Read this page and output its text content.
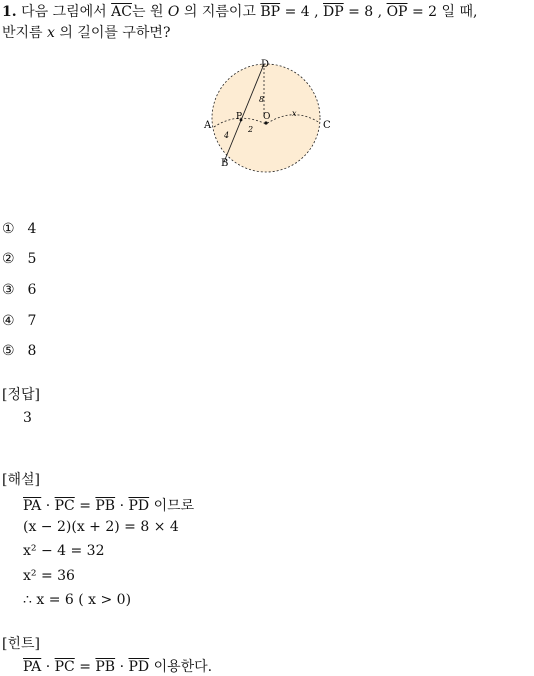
1. 다음 그림에서 $\overline{AC}$는 원 O 의 지름이고 $\overline{BP} = 4$ , $\overline{DP} = 8$ , $\overline{OP} = 2$ 일 때,
반지름 x 의 길이를 구하면?
D
A	C
B
P O
8
4
2
x
① 4
② 5
③ 6
④ 7
⑤ 8
[정답]
3
[해설]
$\overline{PA} \cdot \overline{PC} = \overline{PB} \cdot \overline{PD}$ 이므로
(x − 2)(x + 2) = 8 × 4
x² − 4 = 32
x² = 36
∴ x = 6 ( x > 0)
[힌트]
$\overline{PA} \cdot \overline{PC} = \overline{PB} \cdot \overline{PD}$ 이용한다.
